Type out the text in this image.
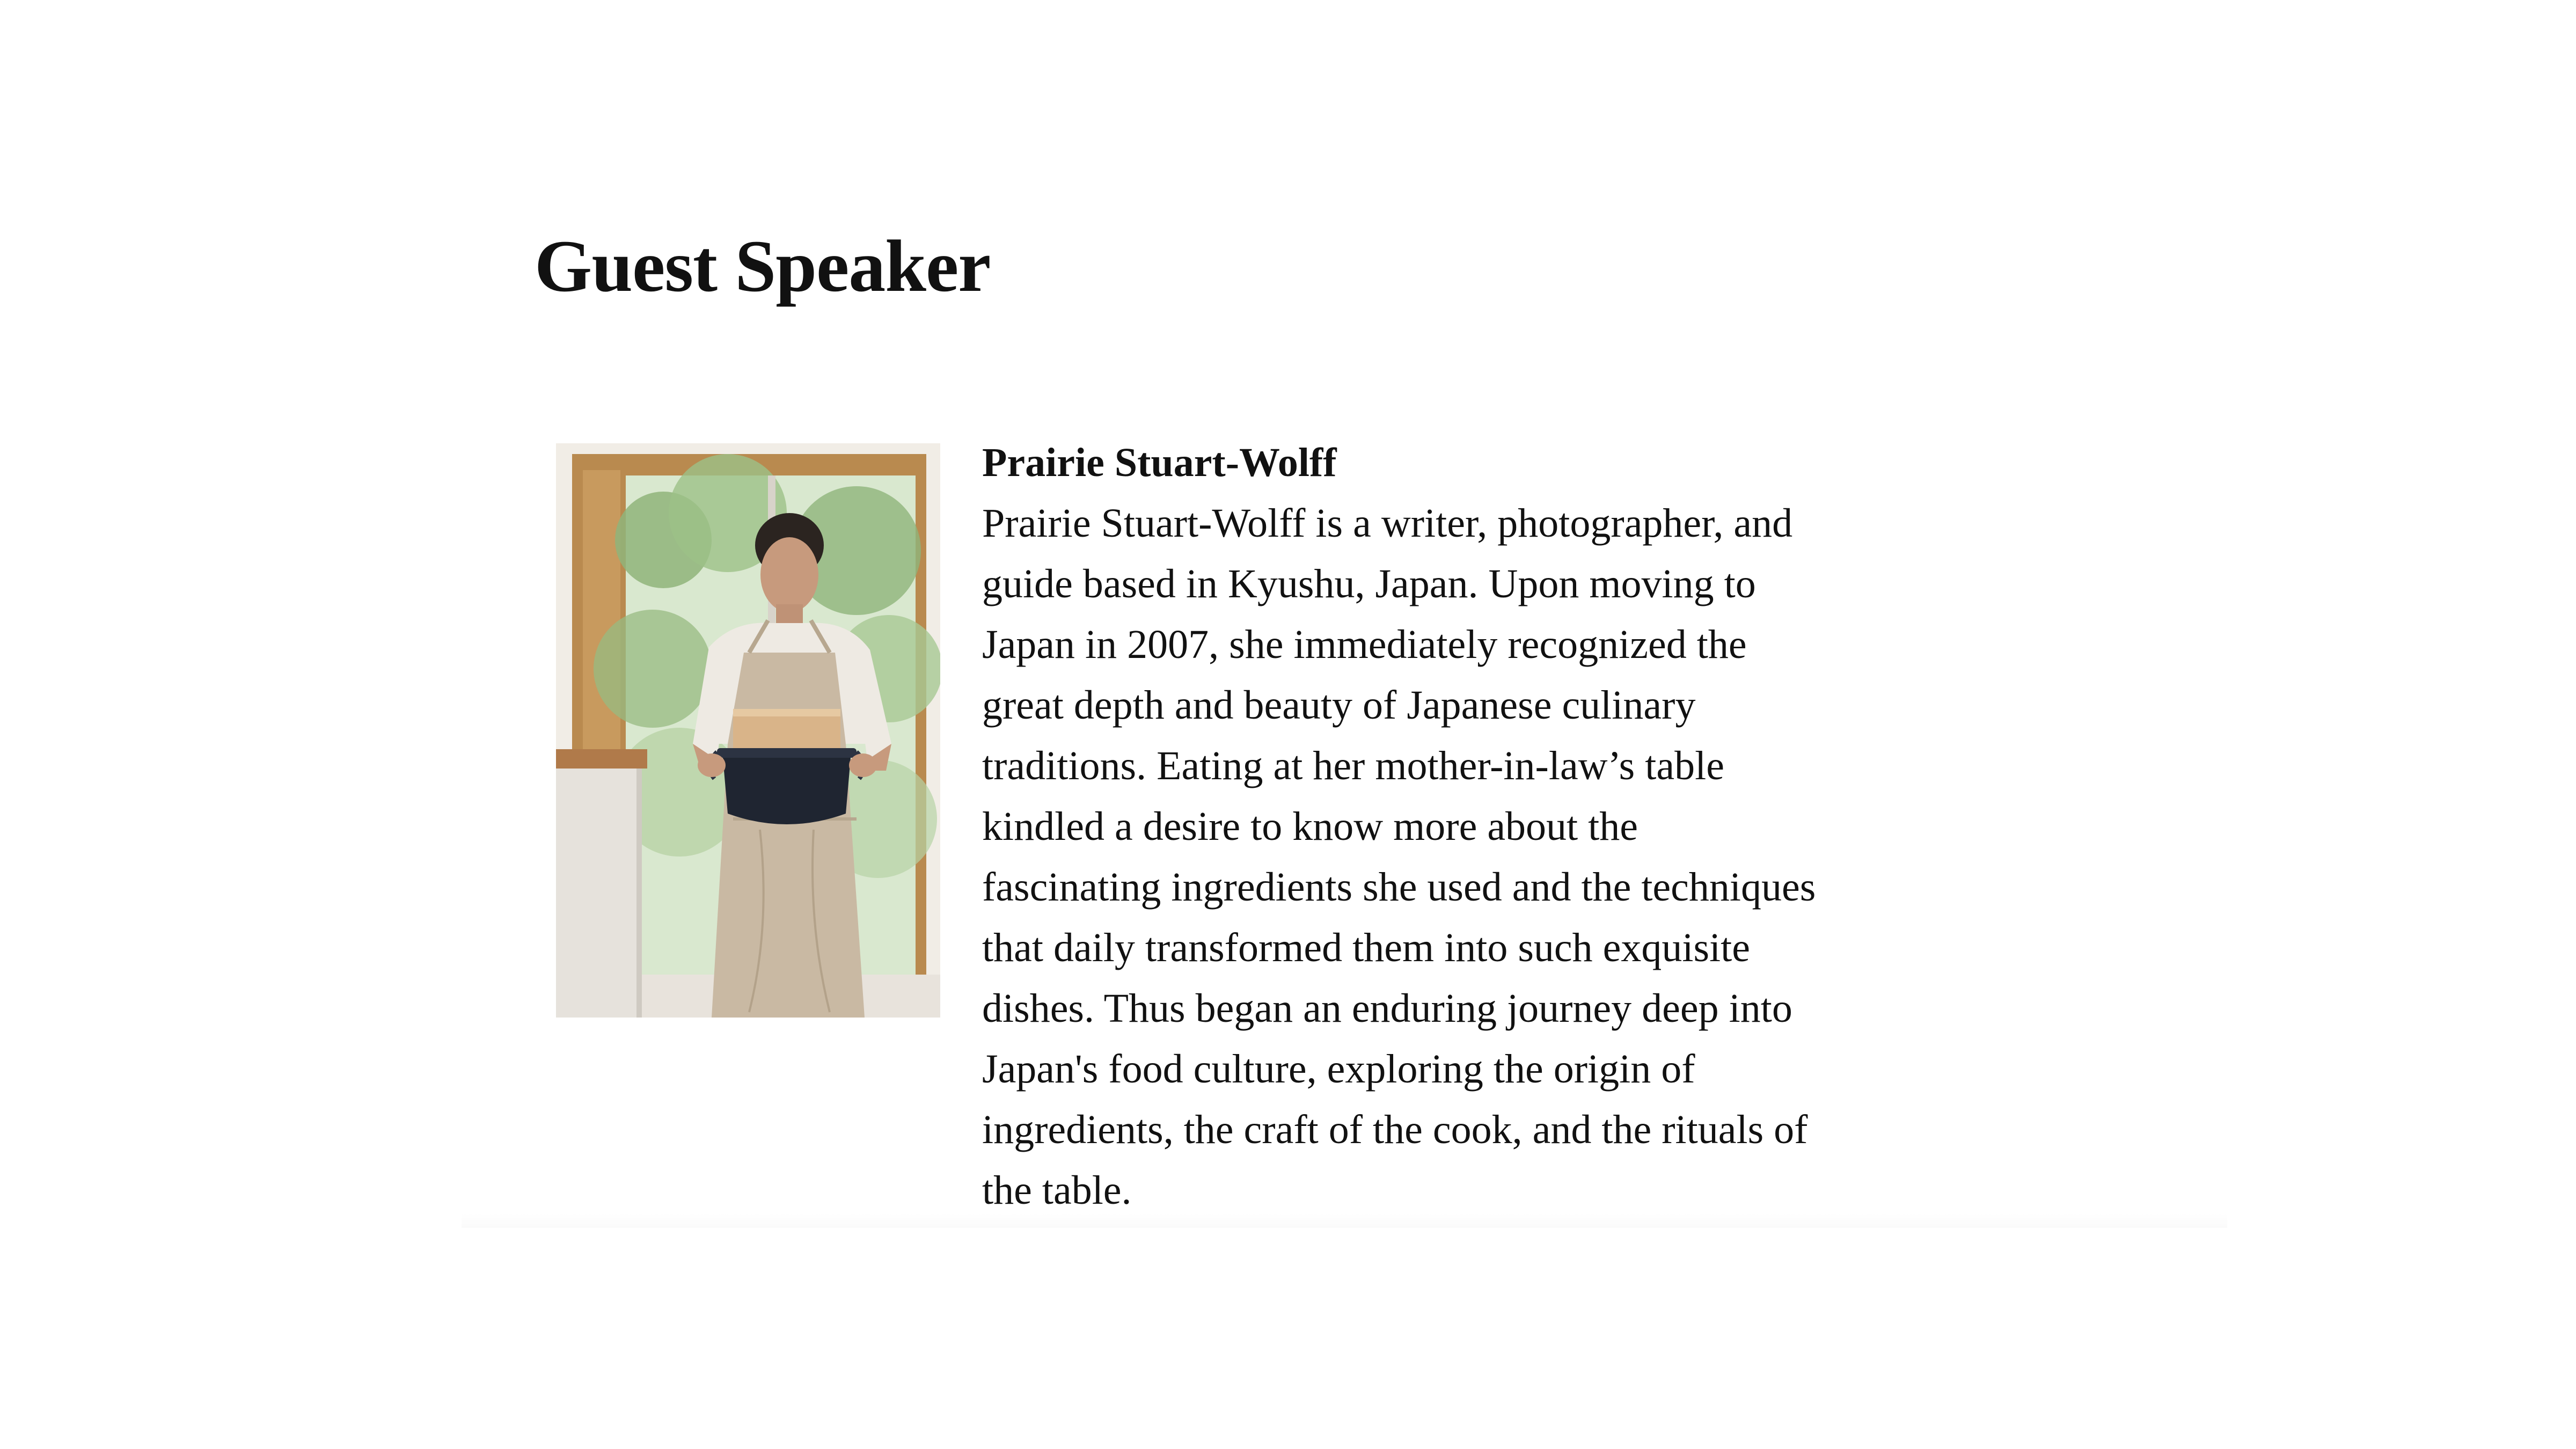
Guest Speaker

Prairie Stuart-Wolff

Prairie Stuart-Wolff is a writer, photographer, and
guide based in Kyushu, Japan. Upon moving to
Japan in 2007, she immediately recognized the
great depth and beauty of Japanese culinary
traditions. Eating at her mother-in-law’s table
kindled a desire to know more about the
fascinating ingredients she used and the techniques
that daily transformed them into such exquisite
dishes. Thus began an enduring journey deep into
Japan's food culture, exploring the origin of
ingredients, the craft of the cook, and the rituals of
the table.
